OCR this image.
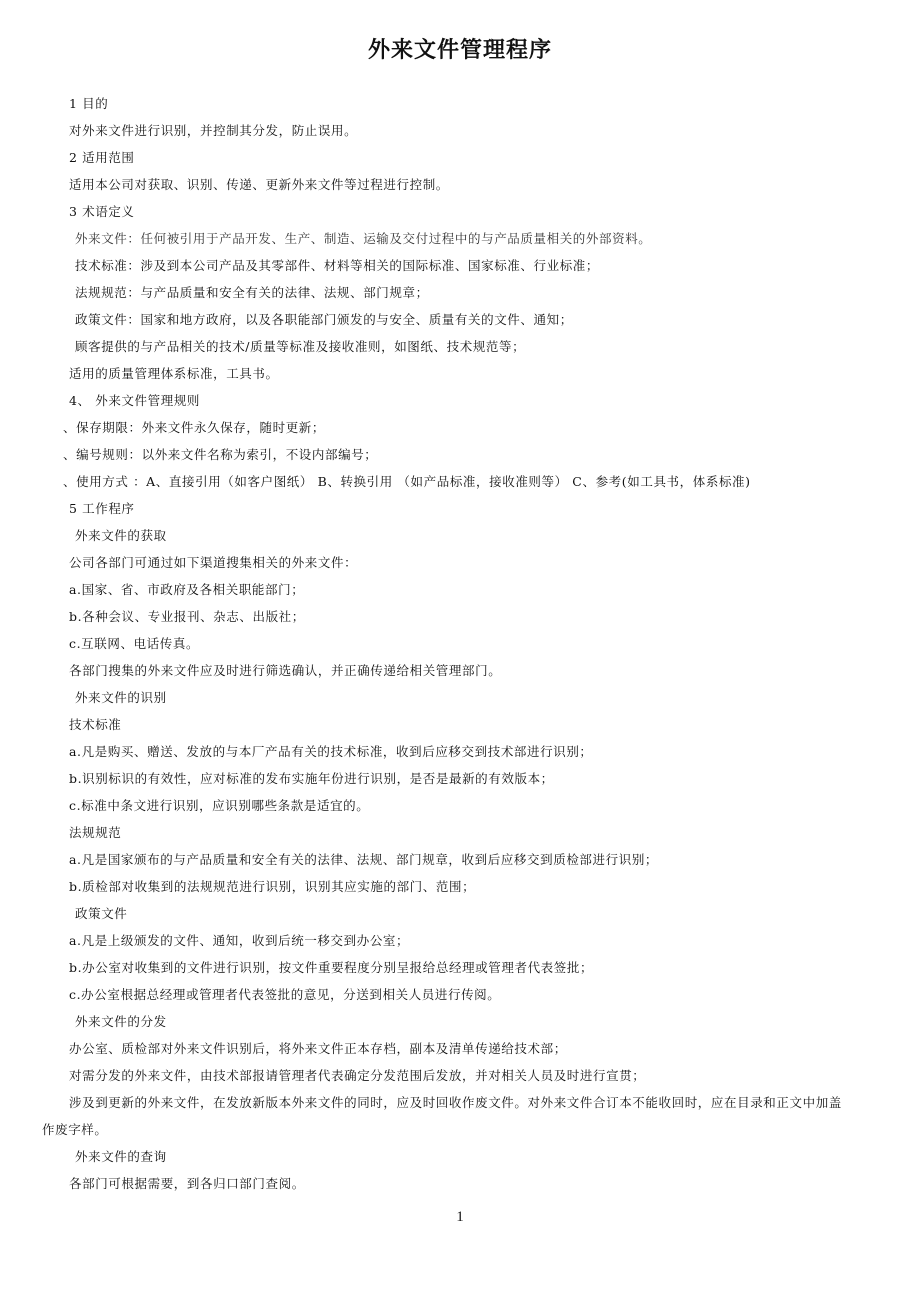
外来文件管理程序
1 目的
对外来文件进行识别，并控制其分发，防止误用。
2 适用范围
适用本公司对获取、识别、传递、更新外来文件等过程进行控制。
3 术语定义
外来文件：任何被引用于产品开发、生产、制造、运输及交付过程中的与产品质量相关的外部资料。
技术标准：涉及到本公司产品及其零部件、材料等相关的国际标准、国家标准、行业标准；
法规规范：与产品质量和安全有关的法律、法规、部门规章；
政策文件：国家和地方政府，以及各职能部门颁发的与安全、质量有关的文件、通知；
顾客提供的与产品相关的技术/质量等标准及接收准则，如图纸、技术规范等；
适用的质量管理体系标准，工具书。
4、 外来文件管理规则
、保存期限：外来文件永久保存，随时更新；
、编号规则：以外来文件名称为索引，不设内部编号；
、使用方式 ：A、直接引用（如客户图纸） B、转换引用 （如产品标准，接收准则等） C、参考(如工具书，体系标准)
5 工作程序
外来文件的获取
公司各部门可通过如下渠道搜集相关的外来文件：
a.国家、省、市政府及各相关职能部门；
b.各种会议、专业报刊、杂志、出版社；
c.互联网、电话传真。
各部门搜集的外来文件应及时进行筛选确认，并正确传递给相关管理部门。
外来文件的识别
技术标准
a.凡是购买、赠送、发放的与本厂产品有关的技术标准，收到后应移交到技术部进行识别；
b.识别标识的有效性，应对标准的发布实施年份进行识别，是否是最新的有效版本；
c.标准中条文进行识别，应识别哪些条款是适宜的。
法规规范
a.凡是国家颁布的与产品质量和安全有关的法律、法规、部门规章，收到后应移交到质检部进行识别；
b.质检部对收集到的法规规范进行识别，识别其应实施的部门、范围；
政策文件
a.凡是上级颁发的文件、通知，收到后统一移交到办公室；
b.办公室对收集到的文件进行识别，按文件重要程度分别呈报给总经理或管理者代表签批；
c.办公室根据总经理或管理者代表签批的意见，分送到相关人员进行传阅。
外来文件的分发
办公室、质检部对外来文件识别后，将外来文件正本存档，副本及清单传递给技术部；
对需分发的外来文件，由技术部报请管理者代表确定分发范围后发放，并对相关人员及时进行宣贯；
涉及到更新的外来文件，在发放新版本外来文件的同时，应及时回收作废文件。对外来文件合订本不能收回时，应在目录和正文中加盖
作废字样。
外来文件的查询
各部门可根据需要，到各归口部门查阅。
1
